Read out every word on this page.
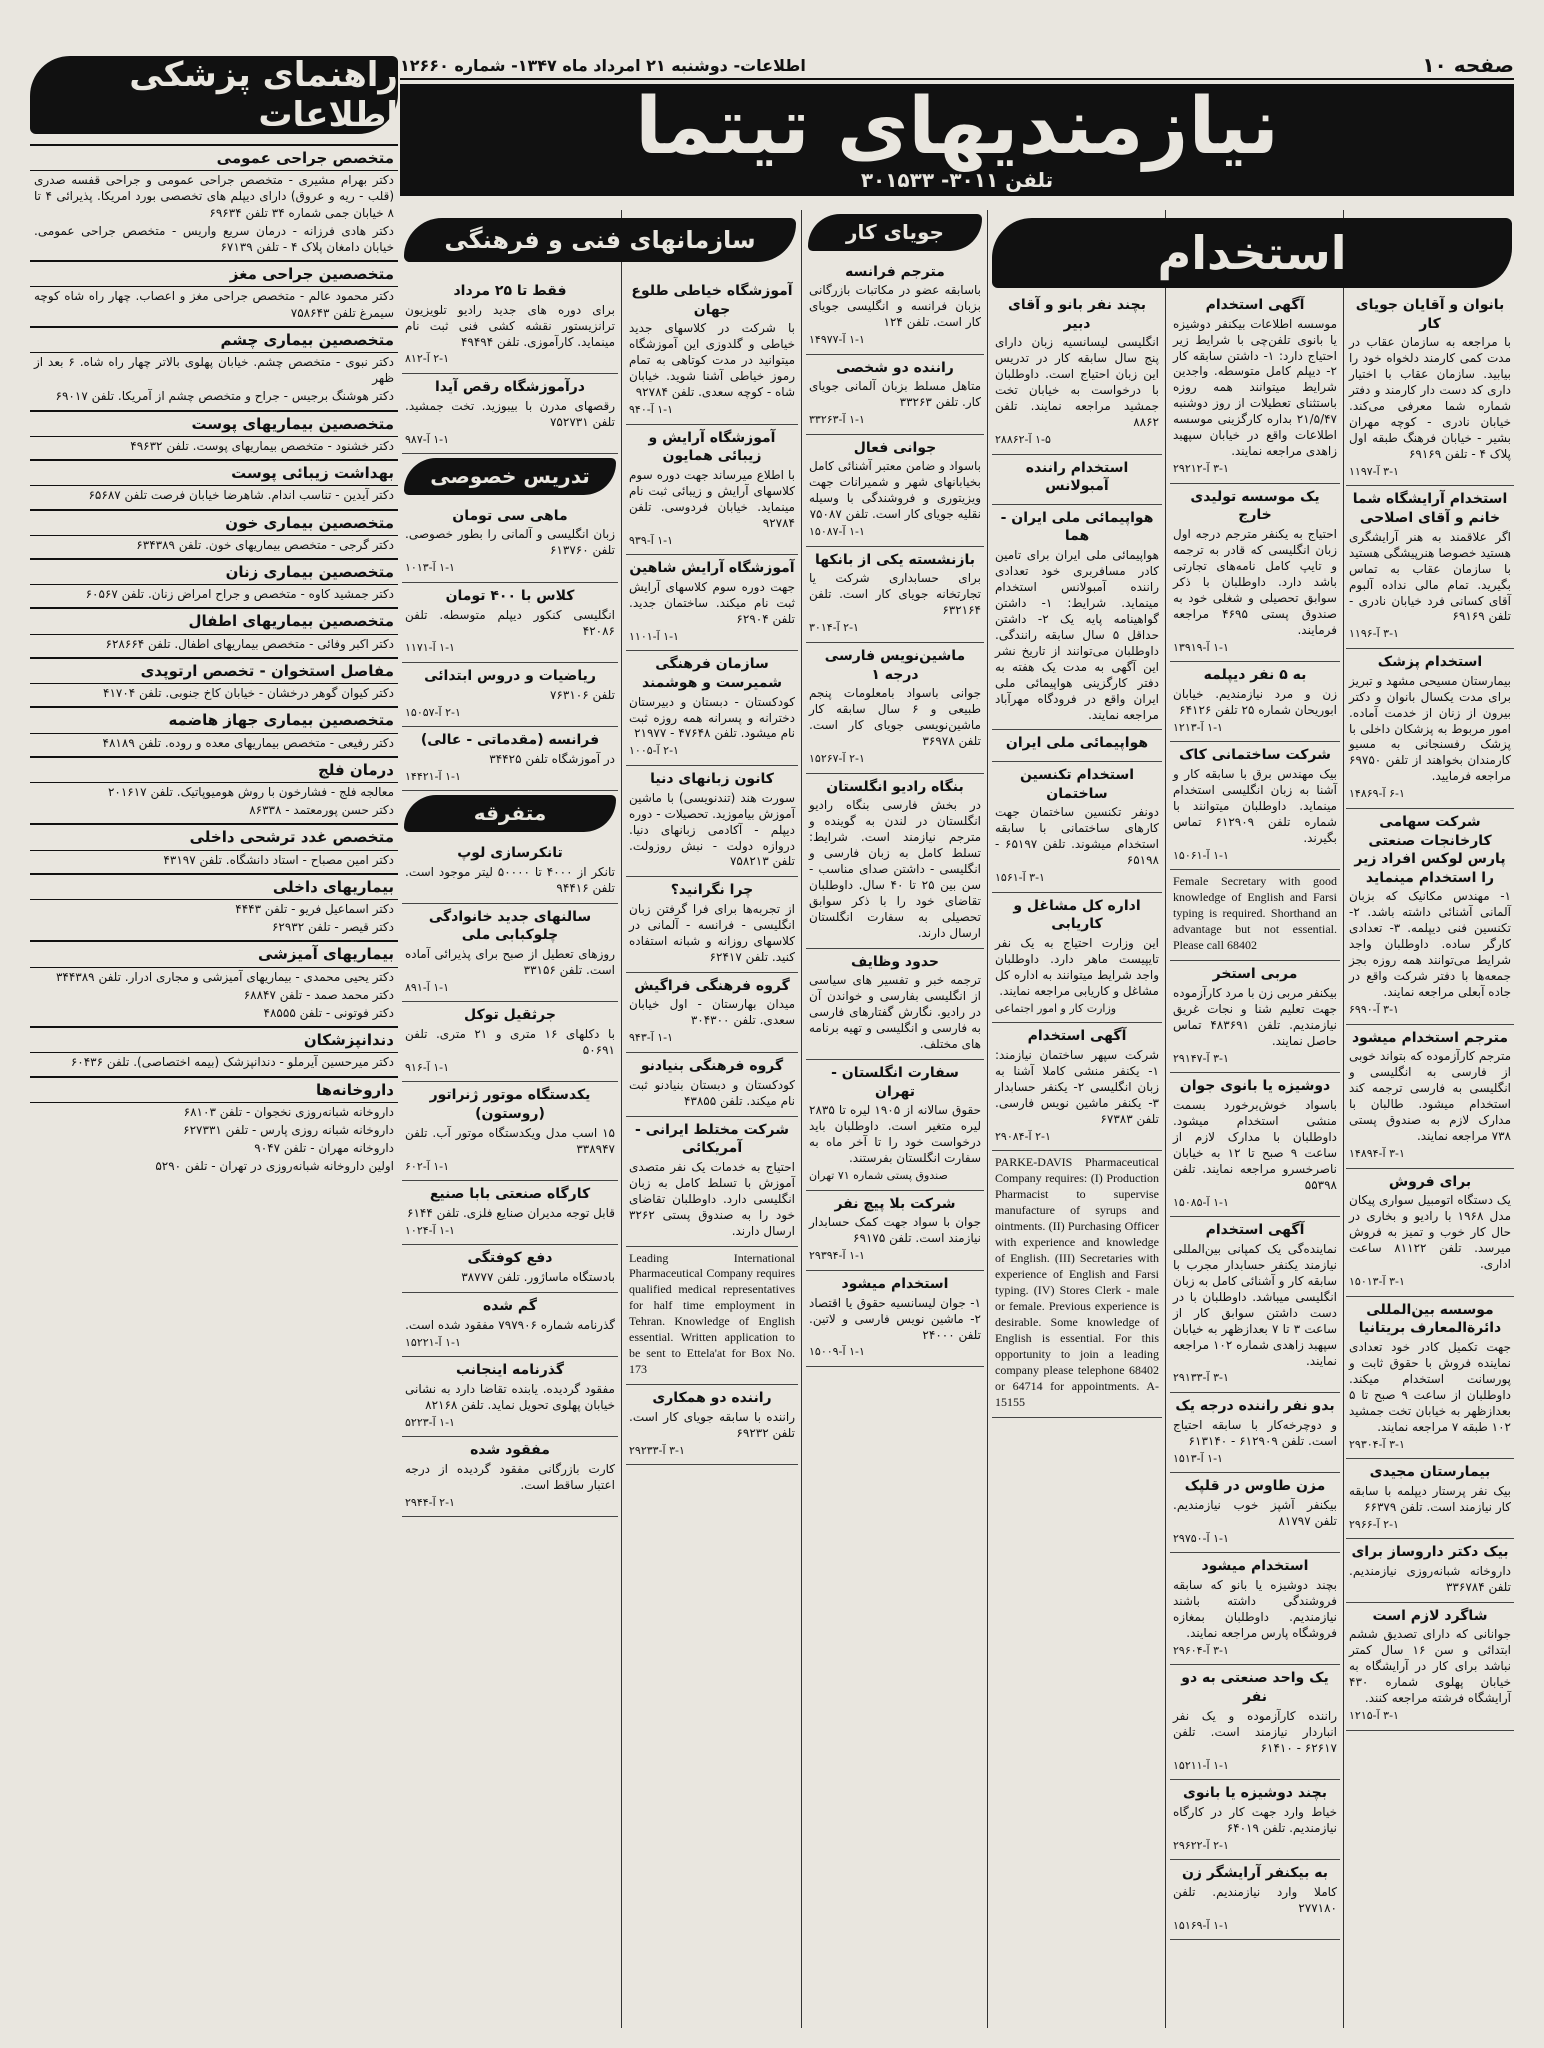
صفحه ۱۰
اطلاعات- دوشنبه ۲۱ امرداد ماه ۱۳۴۷- شماره ۱۲۶۶۰
نیازمندیهای تیتما
تلفن ۳۰۱۱- ۳۰۱۵۳۳
راهنمای پزشکی اطلاعات
متخصص جراحی عمومی
دکتر بهرام مشیری - متخصص جراحی عمومی و جراحی قفسه صدری (قلب - ریه و عروق) دارای دیپلم های تخصصی بورد امریکا. پذیرائی ۴ تا ۸ خیابان جمی شماره ۳۴ تلفن ۶۹۶۳۴
دکتر هادی فرزانه - درمان سریع واریس - متخصص جراحی عمومی. خیابان دامغان پلاک ۴ - تلفن ۶۷۱۳۹
متخصصین جراحی مغز
دکتر محمود عالم - متخصص جراحی مغز و اعصاب. چهار راه شاه کوچه سیمرغ تلفن ۷۵۸۶۴۳
متخصصین بیماری چشم
دکتر نبوی - متخصص چشم. خیابان پهلوی بالاتر چهار راه شاه. ۶ بعد از ظهر
دکتر هوشنگ برجیس - جراح و متخصص چشم از آمریکا. تلفن ۶۹۰۱۷
متخصصین بیماریهای پوست
دکتر خشنود - متخصص بیماریهای پوست. تلفن ۴۹۶۳۲
بهداشت زیبائی پوست
دکتر آیدین - تناسب اندام. شاهرضا خیابان فرصت تلفن ۶۵۶۸۷
متخصصین بیماری خون
دکتر گرجی - متخصص بیماریهای خون. تلفن ۶۳۴۳۸۹
متخصصین بیماری زنان
دکتر جمشید کاوه - متخصص و جراح امراض زنان. تلفن ۶۰۵۶۷
متخصصین بیماریهای اطفال
دکتر اکبر وفائی - متخصص بیماریهای اطفال. تلفن ۶۲۸۶۶۴
مفاصل استخوان - تخصص ارتوپدی
دکتر کیوان گوهر درخشان - خیابان کاخ جنوبی. تلفن ۴۱۷۰۴
متخصصین بیماری جهاز هاضمه
دکتر رفیعی - متخصص بیماریهای معده و روده. تلفن ۴۸۱۸۹
درمان فلج
معالجه فلج - فشارخون با روش هومیوپاتیک. تلفن ۲۰۱۶۱۷
دکتر حسن پورمعتمد - ۸۶۳۳۸
متخصص غدد ترشحی داخلی
دکتر امین مصباح - استاد دانشگاه. تلفن ۴۳۱۹۷
بیماریهای داخلی
دکتر اسماعیل فریو - تلفن ۴۴۴۳
دکتر قیصر - تلفن ۶۲۹۳۲
بیماریهای آمیزشی
دکتر یحیی محمدی - بیماریهای آمیزشی و مجاری ادرار. تلفن ۳۴۴۳۸۹
دکتر محمد صمد - تلفن ۶۸۸۴۷
دکتر فوتونی - تلفن ۴۸۵۵۵
دندانپزشکان
دکتر میرحسین آیرملو - دندانپزشک (بیمه اختصاصی). تلفن ۶۰۴۳۶
داروخانه‌ها
داروخانه شبانه‌روزی نخجوان - تلفن ۶۸۱۰۳
داروخانه شبانه روزی پارس - تلفن ۶۲۷۳۳۱
داروخانه مهران - تلفن ۹۰۴۷
اولین داروخانه شبانه‌روزی در تهران - تلفن ۵۲۹۰
بانوان و آقایان جویای کار

با مراجعه به سازمان عقاب در مدت کمی کارمند دلخواه خود را بیابید. سازمان عقاب با اختیار داری کد دست دار کارمند و دفتر شماره شما معرفی می‌کند. خیابان نادری - کوچه مهران بشیر - خیابان فرهنگ طبقه اول پلاک ۴ - تلفن ۶۹۱۶۹

۳-۱ آ-۱۱۹۷
استخدام آرایشگاه شما خانم و آقای اصلاحی

اگر علاقمند به هنر آرایشگری هستید خصوصا هنرپیشگی هستید با سازمان عقاب به تماس بگیرید. تمام مالی نداده آلبوم آقای کسانی فرد خیابان نادری - تلفن ۶۹۱۶۹

۳-۱ آ-۱۱۹۶
استخدام پزشک

بیمارستان مسیحی مشهد و تبریز برای مدت یکسال بانوان و دکتر بیرون از زنان از خدمت آماده. امور مربوط به پزشکان داخلی با پزشک رفسنجانی به مسیو کارمندان بخواهند از تلفن ۶۹۷۵۰ مراجعه فرمایید.

۶-۱ آ-۱۴۸۶۹
شرکت سهامی کارخانجات صنعتی پارس لوکس افراد زیر را استخدام مینماید

۱- مهندس مکانیک که بزبان آلمانی آشنائی داشته باشد. ۲- تکنسین فنی دیپلمه. ۳- تعدادی کارگر ساده. داوطلبان واجد شرایط می‌توانند همه روزه بجز جمعه‌ها با دفتر شرکت واقع در جاده آبعلی مراجعه نمایند.

۳-۱ آ-۶۹۹۰
مترجم استخدام میشود

مترجم کارآزموده که بتواند خوبی از فارسی به انگلیسی و انگلیسی به فارسی ترجمه کند استخدام میشود. طالبان با مدارک لازم به صندوق پستی ۷۳۸ مراجعه نمایند.

۳-۱ آ-۱۴۸۹۴
برای فروش

یک دستگاه اتومبیل سواری پیکان مدل ۱۹۶۸ با رادیو و بخاری در حال کار خوب و تمیز به فروش میرسد. تلفن ۸۱۱۲۲ ساعت اداری.

۳-۱ آ-۱۵۰۱۳
موسسه بین‌المللی دائرة‌المعارف بریتانیا

جهت تکمیل کادر خود تعدادی نماینده فروش با حقوق ثابت و پورسانت استخدام میکند. داوطلبان از ساعت ۹ صبح تا ۵ بعدازظهر به خیابان تخت جمشید ۱۰۲ طبقه ۷ مراجعه نمایند.

۳-۱ آ-۲۹۳۰۴
بیمارستان مجیدی

بیک نفر پرستار دیپلمه با سابقه کار نیازمند است. تلفن ۶۶۳۷۹

۲-۱ آ-۲۹۶۶
بیک دکتر داروساز برای

داروخانه شبانه‌روزی نیازمندیم. تلفن ۳۳۶۷۸۴

شاگرد لازم است

جوانانی که دارای تصدیق ششم ابتدائی و سن ۱۶ سال کمتر نباشد برای کار در آرایشگاه به خیابان پهلوی شماره ۴۳۰ آرایشگاه فرشته مراجعه کنند.

۳-۱ آ-۱۲۱۵
آگهی استخدام

موسسه اطلاعات بیکنفر دوشیزه یا بانوی تلفن‌چی با شرایط زیر احتیاج دارد: ۱- داشتن سابقه کار ۲- دیپلم کامل متوسطه. واجدین شرایط میتوانند همه روزه باستثنای تعطیلات از روز دوشنبه ۲۱/۵/۴۷ بداره کارگزینی موسسه اطلاعات واقع در خیابان سپهبد زاهدی مراجعه نمایند.

۳-۱ آ-۲۹۲۱۲
یک موسسه تولیدی خارج

احتیاج به یکنفر مترجم درجه اول زبان انگلیسی که قادر به ترجمه و تایپ کامل نامه‌های تجارتی باشد دارد. داوطلبان با ذکر سوابق تحصیلی و شغلی خود به صندوق پستی ۴۶۹۵ مراجعه فرمایند.

۱-۱ آ-۱۳۹۱۹
به ۵ نفر دیپلمه

زن و مرد نیازمندیم. خیابان ابوریحان شماره ۲۵ تلفن ۶۴۱۲۶

۱-۱ آ-۱۲۱۳
شرکت ساختمانی کاک

بیک مهندس برق با سابقه کار و آشنا به زبان انگلیسی استخدام مینماید. داوطلبان میتوانند با شماره تلفن ۶۱۲۹۰۹ تماس بگیرند.

۱-۱ آ-۱۵۰۶۱

Female Secretary with good knowledge of English and Farsi typing is required. Shorthand an advantage but not essential. Please call 68402

مربی استخر

بیکنفر مربی زن با مرد کارآزموده جهت تعلیم شنا و نجات غریق نیازمندیم. تلفن ۴۸۳۶۹۱ تماس حاصل نمایند.

۳-۱ آ-۲۹۱۴۷
دوشیزه یا بانوی جوان

باسواد خوش‌برخورد بسمت منشی استخدام میشود. داوطلبان با مدارک لازم از ساعت ۹ صبح تا ۱۲ به خیابان ناصرخسرو مراجعه نمایند. تلفن ۵۵۳۹۸

۱-۱ آ-۱۵۰۸۵
آگهی استخدام

نماینده‌گی یک کمپانی بین‌المللی نیازمند یکنفر حسابدار مجرب با سابقه کار و آشنائی کامل به زبان انگلیسی میباشد. داوطلبان با در دست داشتن سوابق کار از ساعت ۳ تا ۷ بعدازظهر به خیابان سپهبد زاهدی شماره ۱۰۲ مراجعه نمایند.

۳-۱ آ-۲۹۱۳۳
بدو نفر راننده درجه یک

و دوچرخه‌کار با سابقه احتیاج است. تلفن ۶۱۲۹۰۹ - ۶۱۳۱۴۰

۱-۱ آ-۱۵۱۳
مزن طاوس در قلپک

بیکنفر آشپز خوب نیازمندیم. تلفن ۸۱۷۹۷

۱-۱ آ-۲۹۷۵۰
استخدام میشود

بچند دوشیزه یا بانو که سابقه فروشندگی داشته باشند نیازمندیم. داوطلبان بمغازه فروشگاه پارس مراجعه نمایند.

۳-۱ آ-۲۹۶۰۴
یک واحد صنعتی به دو نفر

راننده کارآزموده و یک نفر انباردار نیازمند است. تلفن ۶۲۶۱۷ - ۶۱۴۱۰

۱-۱ آ-۱۵۲۱۱
بچند دوشیزه یا بانوی

خیاط وارد جهت کار در کارگاه نیازمندیم. تلفن ۶۴۰۱۹

۲-۱ آ-۲۹۶۲۲
به بیکنفر آرایشگر زن

کاملا وارد نیازمندیم. تلفن ۲۷۷۱۸۰

۱-۱ آ-۱۵۱۶۹
بچند نفر بانو و آقای دبیر

انگلیسی لیسانسیه زبان دارای پنج سال سابقه کار در تدریس این زبان احتیاج است. داوطلبان با درخواست به خیابان تخت جمشید مراجعه نمایند. تلفن ۸۸۶۲

۱-۵ آ-۲۸۸۶۲
استخدام راننده آمبولانس
هواپیمائی ملی ایران - هما

هواپیمائی ملی ایران برای تامین کادر مسافربری خود تعدادی راننده آمبولانس استخدام مینماید. شرایط: ۱- داشتن گواهینامه پایه یک ۲- داشتن حداقل ۵ سال سابقه رانندگی. داوطلبان می‌توانند از تاریخ نشر این آگهی به مدت یک هفته به دفتر کارگزینی هواپیمائی ملی ایران واقع در فرودگاه مهرآباد مراجعه نمایند.

هواپیمائی ملی ایران
استخدام تکنسین ساختمان

دونفر تکنسین ساختمان جهت کارهای ساختمانی با سابقه استخدام میشوند. تلفن ۶۵۱۹۷ - ۶۵۱۹۸

۳-۱ آ-۱۵۶۱
اداره کل مشاغل و کاریابی

این وزارت احتیاج به یک نفر تایپیست ماهر دارد. داوطلبان واجد شرایط میتوانند به اداره کل مشاغل و کاریابی مراجعه نمایند.

وزارت کار و امور اجتماعی
آگهی استخدام

شرکت سپهر ساختمان نیازمند: ۱- یکنفر منشی کاملا آشنا به زبان انگلیسی ۲- یکنفر حسابدار ۳- یکنفر ماشین نویس فارسی. تلفن ۶۷۳۸۳

۲-۱ آ-۲۹۰۸۴

PARKE-DAVIS Pharmaceutical Company requires: (I) Production Pharmacist to supervise manufacture of syrups and ointments. (II) Purchasing Officer with experience and knowledge of English. (III) Secretaries with experience of English and Farsi typing. (IV) Stores Clerk - male or female. Previous experience is desirable. Some knowledge of English is essential. For this opportunity to join a leading company please telephone 68402 or 64714 for appointments. A-15155

جویای کار
مترجم فرانسه

باسابقه عضو در مکاتبات بازرگانی بزبان فرانسه و انگلیسی جویای کار است. تلفن ۱۲۴

۱-۱ آ-۱۴۹۷۷
راننده دو شخصی

متاهل مسلط بزبان آلمانی جویای کار. تلفن ۳۳۲۶۳

۱-۱ آ-۳۳۲۶۳
جوانی فعال

باسواد و ضامن معتبر آشنائی کامل بخیابانهای شهر و شمیرانات جهت ویزیتوری و فروشندگی با وسیله نقلیه جویای کار است. تلفن ۷۵۰۸۷

۱-۱ آ-۱۵۰۸۷
بازنشسته یکی از بانکها

برای حسابداری شرکت یا تجارتخانه جویای کار است. تلفن ۶۳۲۱۶۴

۲-۱ آ-۳۰۱۴
ماشین‌نویس فارسی درجه ۱

جوانی باسواد بامعلومات پنجم طبیعی و ۶ سال سابقه کار ماشین‌نویسی جویای کار است. تلفن ۳۶۹۷۸

۲-۱ آ-۱۵۲۶۷
بنگاه رادیو انگلستان

در بخش فارسی بنگاه رادیو انگلستان در لندن به گوینده و مترجم نیازمند است. شرایط: تسلط کامل به زبان فارسی و انگلیسی - داشتن صدای مناسب - سن بین ۲۵ تا ۴۰ سال. داوطلبان تقاضای خود را با ذکر سوابق تحصیلی به سفارت انگلستان ارسال دارند.

حدود وظایف

ترجمه خبر و تفسیر های سیاسی از انگلیسی بفارسی و خواندن آن در رادیو. نگارش گفتارهای فارسی به فارسی و انگلیسی و تهیه برنامه های مختلف.

سفارت انگلستان - تهران

حقوق سالانه از ۱۹۰۵ لیره تا ۲۸۳۵ لیره متغیر است. داوطلبان باید درخواست خود را تا آخر ماه به سفارت انگلستان بفرستند.

صندوق پستی شماره ۷۱ تهران
شرکت بلا پیچ نفر

جوان با سواد جهت کمک حسابدار نیازمند است. تلفن ۶۹۱۷۵

۱-۱ آ-۲۹۳۹۴
استخدام میشود

۱- جوان لیسانسیه حقوق یا اقتصاد ۲- ماشین نویس فارسی و لاتین. تلفن ۲۴۰۰۰

۱-۱ آ-۱۵۰۰۹
آموزشگاه خیاطی طلوع جهان

با شرکت در کلاسهای جدید خیاطی و گلدوزی این آموزشگاه میتوانید در مدت کوتاهی به تمام رموز خیاطی آشنا شوید. خیابان شاه - کوچه سعدی. تلفن ۹۲۷۸۴

۱-۱ آ-۹۴۰
آموزشگاه آرایش و زیبائی همایون

با اطلاع میرساند جهت دوره سوم کلاسهای آرایش و زیبائی ثبت نام مینماید. خیابان فردوسی. تلفن ۹۲۷۸۴

۱-۱ آ-۹۳۹
آموزشگاه آرایش شاهین

جهت دوره سوم کلاسهای آرایش ثبت نام میکند. ساختمان جدید. تلفن ۶۲۹۰۴

۱-۱ آ-۱۱۰۱
سازمان فرهنگی شمیرست و هوشمند

کودکستان - دبستان و دبیرستان دخترانه و پسرانه همه روزه ثبت نام میشود. تلفن ۴۷۶۴۸ - ۲۱۹۷۷

۲-۱ آ-۱۰۰۵
کانون زبانهای دنیا

سورت هند (تندنویسی) با ماشین آموزش بیاموزید. تحصیلات - دوره دیپلم - آکادمی زبانهای دنیا. دروازه دولت - نبش روزولت. تلفن ۷۵۸۲۱۳

چرا نگرانید؟

از تجربه‌ها برای فرا گرفتن زبان انگلیسی - فرانسه - آلمانی در کلاسهای روزانه و شبانه استفاده کنید. تلفن ۶۲۴۱۷

گروه فرهنگی فراگیش

میدان بهارستان - اول خیابان سعدی. تلفن ۳۰۴۳۰۰

۱-۱ آ-۹۴۳
گروه فرهنگی بنیادنو

کودکستان و دبستان بنیادنو ثبت نام میکند. تلفن ۴۳۸۵۵

شرکت مختلط ایرانی - آمریکائی

احتیاج به خدمات یک نفر متصدی آموزش با تسلط کامل به زبان انگلیسی دارد. داوطلبان تقاضای خود را به صندوق پستی ۳۲۶۲ ارسال دارند.

Leading International Pharmaceutical Company requires qualified medical representatives for half time employment in Tehran. Knowledge of English essential. Written application to be sent to Ettela'at for Box No. 173

راننده دو همکاری

راننده با سابقه جویای کار است. تلفن ۶۹۲۳۲

۳-۱ آ-۲۹۲۳۳
فقط تا ۲۵ مرداد

برای دوره های جدید رادیو تلویزیون ترانزیستور نقشه کشی فنی ثبت نام مینماید. کارآموزی. تلفن ۴۹۴۹۴

۲-۱ آ-۸۱۲
درآموزشگاه رقص آیدا

رقصهای مدرن با بیبوزید. تخت جمشید. تلفن ۷۵۲۷۳۱

۱-۱ آ-۹۸۷
تدریس خصوصی
ماهی سی تومان

زبان انگلیسی و آلمانی را بطور خصوصی. تلفن ۶۱۳۷۶۰

۱-۱ آ-۱۰۱۳
کلاس با ۴۰۰ تومان

انگلیسی کنکور دیپلم متوسطه. تلفن ۴۲۰۸۶

۱-۱ آ-۱۱۷۱
ریاضیات و دروس ابتدائی

تلفن ۷۶۳۱۰۶

۲-۱ آ-۱۵۰۵۷
فرانسه (مقدماتی - عالی)

در آموزشگاه تلفن ۳۴۴۲۵

۱-۱ آ-۱۴۴۲۱
متفرقه
تانکرسازی لوپ

تانکر از ۴۰۰۰ تا ۵۰۰۰۰ لیتر موجود است. تلفن ۹۴۴۱۶

سالنهای جدید خانوادگی چلوکبابی ملی

روزهای تعطیل از صبح برای پذیرائی آماده است. تلفن ۳۳۱۵۶

۱-۱ آ-۸۹۱
جرثقیل توکل

با دکلهای ۱۶ متری و ۲۱ متری. تلفن ۵۰۶۹۱

۱-۱ آ-۹۱۶
یکدستگاه موتور ژنراتور (روستون)

۱۵ اسب مدل ویکدستگاه موتور آب. تلفن ۳۳۸۹۴۷

۱-۱ آ-۶۰۲
کارگاه صنعتی بابا صنیع

قابل توجه مدیران صنایع فلزی. تلفن ۶۱۴۴

۱-۱ آ-۱۰۲۴
دفع کوفتگی

بادستگاه ماساژور. تلفن ۳۸۷۷۷

گم شده

گذرنامه شماره ۷۹۷۹۰۶ مفقود شده است.

۱-۱ آ-۱۵۲۲۱
گذرنامه اینجانب

مفقود گردیده. یابنده تقاضا دارد به نشانی خیابان پهلوی تحویل نماید. تلفن ۸۲۱۶۸

۱-۱ آ-۵۲۲۳
مفقود شده

کارت بازرگانی مفقود گردیده از درجه اعتبار ساقط است.

۲-۱ آ-۲۹۴۴
استخدام
سازمانهای فنی و فرهنگی
